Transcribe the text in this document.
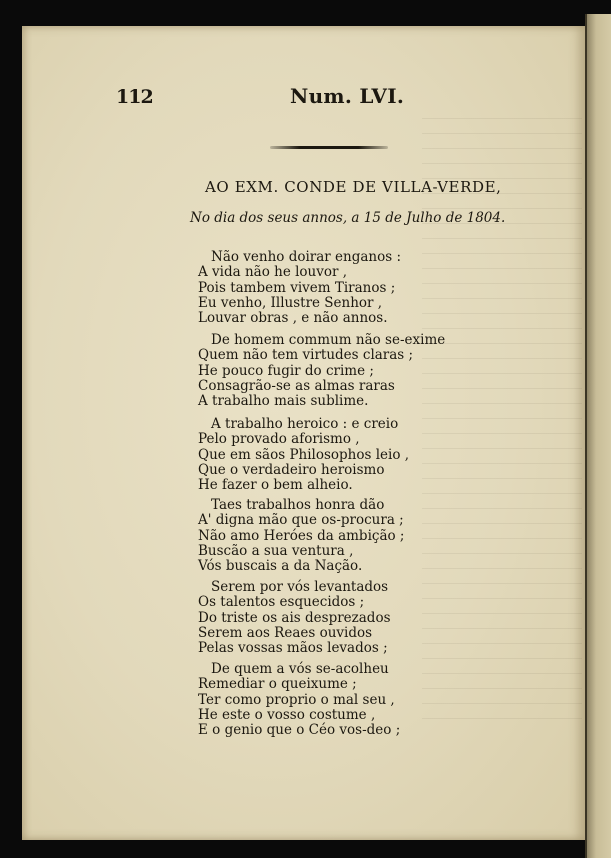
112	Num. LVI.
AO EXM. CONDE DE VILLA-VERDE,
No dia dos seus annos, a 15 de Julho de 1804.
Não venho doirar enganos :
A vida não he louvor ,
Pois tambem vivem Tiranos ;
Eu venho, Illustre Senhor ,
Louvar obras , e não annos.
De homem commum não se-exime
Quem não tem virtudes claras ;
He pouco fugir do crime ;
Consagrão-se as almas raras
A trabalho mais sublime.
A trabalho heroico : e creio
Pelo provado aforismo ,
Que em sãos Philosophos leio ,
Que o verdadeiro heroismo
He fazer o bem alheio.
Taes trabalhos honra dão
A' digna mão que os-procura ;
Não amo Heróes da ambição ;
Buscão a sua ventura ,
Vós buscais a da Nação.
Serem por vós levantados
Os talentos esquecidos ;
Do triste os ais desprezados
Serem aos Reaes ouvidos
Pelas vossas mãos levados ;
De quem a vós se-acolheu
Remediar o queixume ;
Ter como proprio o mal seu ,
He este o vosso costume ,
E o genio que o Céo vos-deo ;
